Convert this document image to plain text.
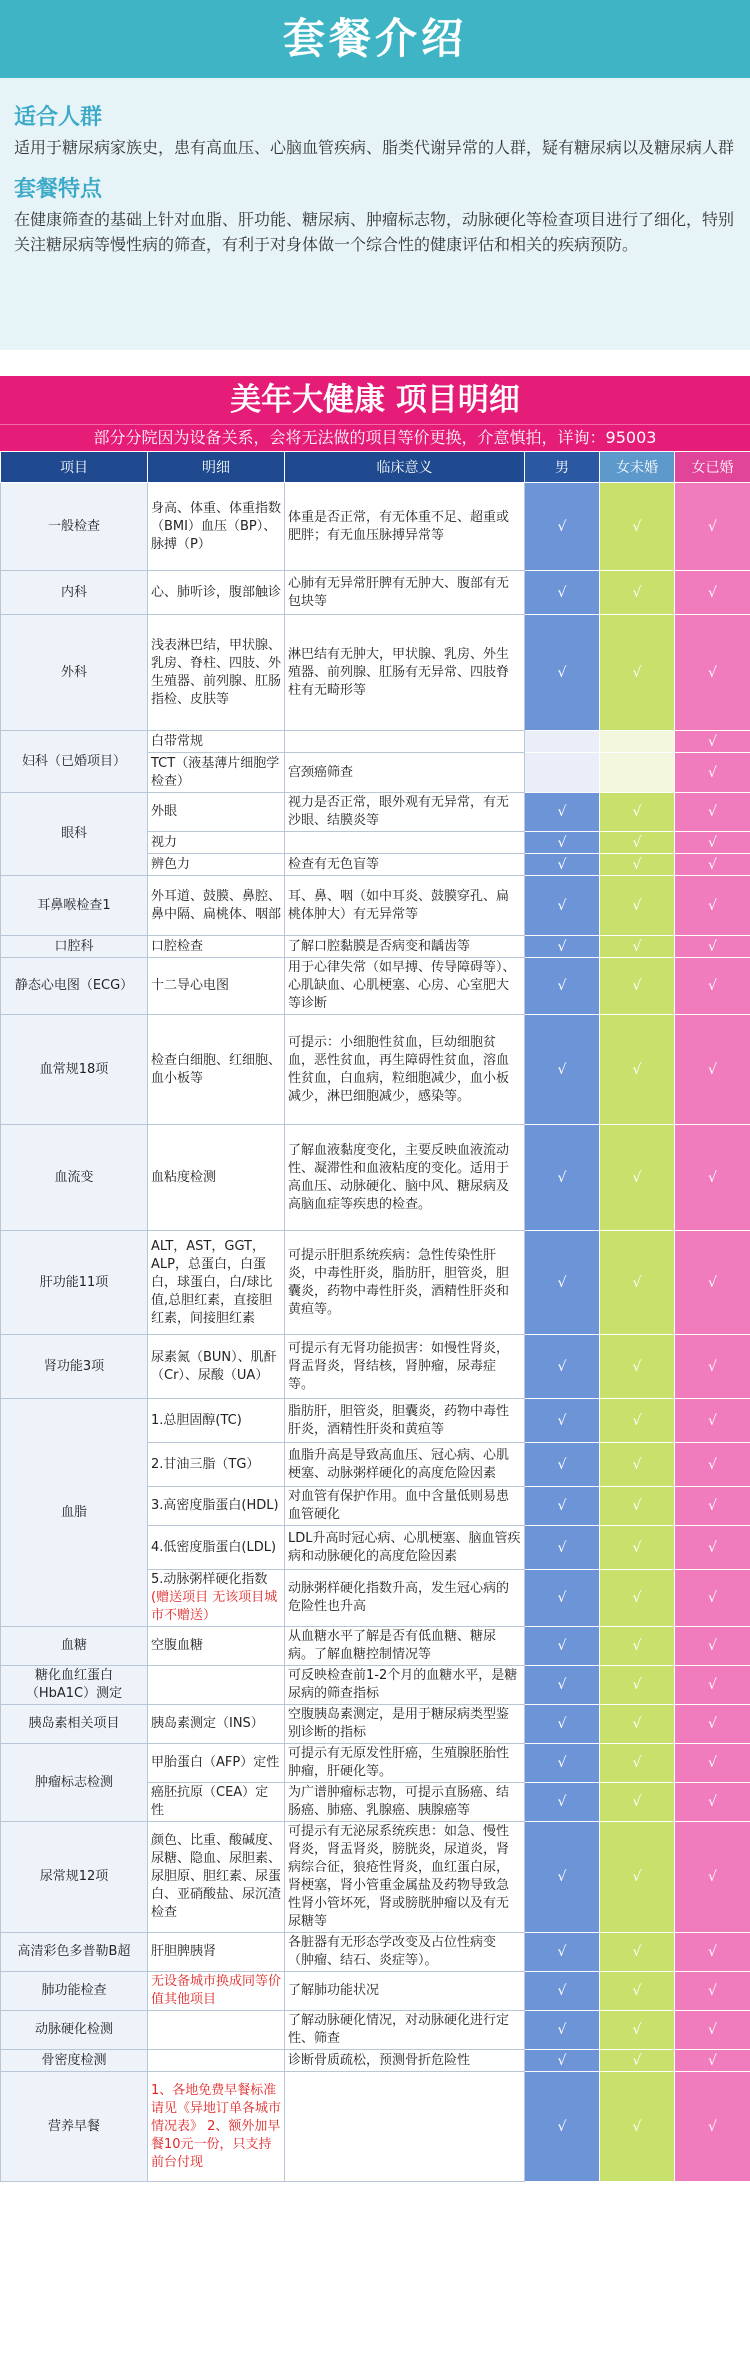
套餐介绍
适合人群

适用于糖尿病家族史，患有高血压、心脑血管疾病、脂类代谢异常的人群，疑有糖尿病以及糖尿病人群

套餐特点

在健康筛查的基础上针对血脂、肝功能、糖尿病、肿瘤标志物，动脉硬化等检查项目进行了细化，特别关注糖尿病等慢性病的筛查，有利于对身体做一个综合性的健康评估和相关的疾病预防。

美年大健康 项目明细
部分分院因为设备关系，会将无法做的项目等价更换，介意慎拍，详询：95003
项目	明细	临床意义	男	女未婚	女已婚
一般检查	身高、体重、体重指数（BMI）血压（BP）、脉搏（P）	体重是否正常，有无体重不足、超重或肥胖；有无血压脉搏异常等	√	√	√
内科	心、肺听诊，腹部触诊	心肺有无异常肝脾有无肿大、腹部有无包块等	√	√	√
外科	浅表淋巴结，甲状腺、乳房、脊柱、四肢、外生殖器、前列腺、肛肠指检、皮肤等	淋巴结有无肿大，甲状腺、乳房、外生殖器、前列腺、肛肠有无异常、四肢脊柱有无畸形等	√	√	√
妇科（已婚项目）	白带常规				√
	TCT（液基薄片细胞学检查）	宫颈癌筛查			√
眼科	外眼	视力是否正常，眼外观有无异常，有无沙眼、结膜炎等	√	√	√
	视力		√	√	√
	辨色力	检查有无色盲等	√	√	√
耳鼻喉检查1	外耳道、鼓膜、鼻腔、鼻中隔、扁桃体、咽部	耳、鼻、咽（如中耳炎、鼓膜穿孔、扁桃体肿大）有无异常等	√	√	√
口腔科	口腔检查	了解口腔黏膜是否病变和龋齿等	√	√	√
静态心电图（ECG）	十二导心电图	用于心律失常（如早搏、传导障碍等）、心肌缺血、心肌梗塞、心房、心室肥大等诊断	√	√	√
血常规18项	检查白细胞、红细胞、血小板等	可提示：小细胞性贫血，巨幼细胞贫血，恶性贫血，再生障碍性贫血，溶血性贫血，白血病，粒细胞减少，血小板减少，淋巴细胞减少，感染等。	√	√	√
血流变	血粘度检测	了解血液黏度变化，主要反映血液流动性、凝滞性和血液粘度的变化。适用于高血压、动脉硬化、脑中风、糖尿病及高脑血症等疾患的检查。	√	√	√
肝功能11项	ALT，AST，GGT，ALP，总蛋白，白蛋白，球蛋白，白/球比值,总胆红素，直接胆红素，间接胆红素	可提示肝胆系统疾病：急性传染性肝炎，中毒性肝炎，脂肪肝，胆管炎，胆囊炎，药物中毒性肝炎，酒精性肝炎和黄疸等。	√	√	√
肾功能3项	尿素氮（BUN）、肌酐（Cr）、尿酸（UA）	可提示有无肾功能损害：如慢性肾炎，肾盂肾炎，肾结核，肾肿瘤，尿毒症等。	√	√	√
血脂	1.总胆固醇(TC)	脂肪肝，胆管炎，胆囊炎，药物中毒性肝炎，酒精性肝炎和黄疸等	√	√	√
	2.甘油三脂（TG）	血脂升高是导致高血压、冠心病、心肌梗塞、动脉粥样硬化的高度危险因素	√	√	√
	3.高密度脂蛋白(HDL)	对血管有保护作用。血中含量低则易患血管硬化	√	√	√
	4.低密度脂蛋白(LDL)	LDL升高时冠心病、心肌梗塞、脑血管疾病和动脉硬化的高度危险因素	√	√	√
	5.动脉粥样硬化指数(赠送项目 无该项目城市不赠送）	动脉粥样硬化指数升高，发生冠心病的危险性也升高	√	√	√
血糖	空腹血糖	从血糖水平了解是否有低血糖、糖尿病。了解血糖控制情况等	√	√	√
糖化血红蛋白（HbA1C）测定		可反映检查前1-2个月的血糖水平，是糖尿病的筛查指标	√	√	√
胰岛素相关项目	胰岛素测定（INS）	空腹胰岛素测定，是用于糖尿病类型鉴别诊断的指标	√	√	√
肿瘤标志检测	甲胎蛋白（AFP）定性	可提示有无原发性肝癌，生殖腺胚胎性肿瘤，肝硬化等。	√	√	√
	癌胚抗原（CEA）定性	为广谱肿瘤标志物，可提示直肠癌、结肠癌、肺癌、乳腺癌、胰腺癌等	√	√	√
尿常规12项	颜色、比重、酸碱度、尿糖、隐血、尿胆素、尿胆原、胆红素、尿蛋白、亚硝酸盐、尿沉渣检查	可提示有无泌尿系统疾患：如急、慢性肾炎，肾盂肾炎，膀胱炎，尿道炎，肾病综合征，狼疮性肾炎，血红蛋白尿，肾梗塞，肾小管重金属盐及药物导致急性肾小管坏死，肾或膀胱肿瘤以及有无尿糖等	√	√	√
高清彩色多普勒B超	肝胆脾胰肾	各脏器有无形态学改变及占位性病变（肿瘤、结石、炎症等）。	√	√	√
肺功能检查	无设备城市换成同等价值其他项目	了解肺功能状况	√	√	√
动脉硬化检测		了解动脉硬化情况，对动脉硬化进行定性、筛查	√	√	√
骨密度检测		诊断骨质疏松，预测骨折危险性	√	√	√
营养早餐	1、各地免费早餐标准请见《异地订单各城市情况表》 2、额外加早餐10元一份，只支持前台付现		√	√	√
